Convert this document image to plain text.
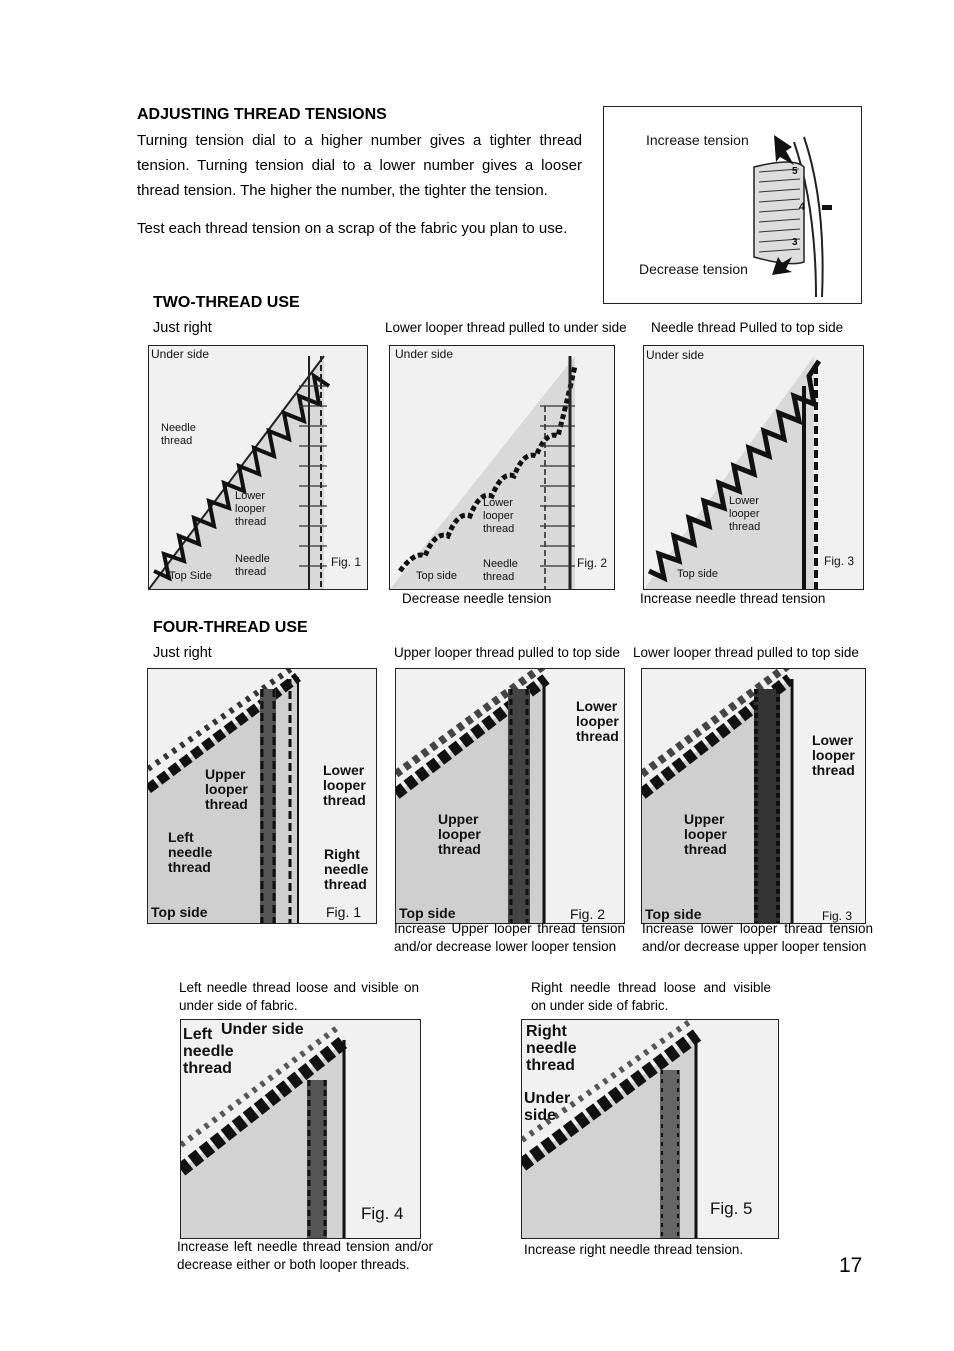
ADJUSTING THREAD TENSIONS
Turning tension dial to a higher number gives a tighter thread tension. Turning tension dial to a lower number gives a looser thread tension. The higher the number, the tighter the tension.
Test each thread tension on a scrap of the fabric you plan to use.
Increase tension
Decrease tension
5
4
3
TWO-THREAD USE
Just right	Lower looper thread pulled to under side Needle thread Pulled to top side
Under side
Needle thread
Lower looper thread
Needle thread
Top Side
Fig. 1
Under side
Lower looper thread
Needle thread
Top side
Fig. 2
Under side
Lower looper thread
Top side
Fig. 3
Decrease needle tension	Increase needle thread tension
FOUR-THREAD USE
Just right	Upper looper thread pulled to top side Lower looper thread pulled to top side
Upper looper thread
Lower looper thread
Left needle thread
Right needle thread
Top side	Fig. 1
Lower looper thread
Upper looper thread
Top side	Fig. 2
Lower looper thread
Upper looper thread
Top side	Fig. 3
Increase Upper looper thread tension and/or decrease lower looper tension
Increase lower looper thread tension and/or decrease upper looper tension
Left needle thread loose and visible on under side of fabric.
Right needle thread loose and visible on under side of fabric.
Left needle thread
Under side
Fig. 4
Right needle thread
Under side
Fig. 5
Increase left needle thread tension and/or decrease either or both looper threads.
Increase right needle thread tension.
17
